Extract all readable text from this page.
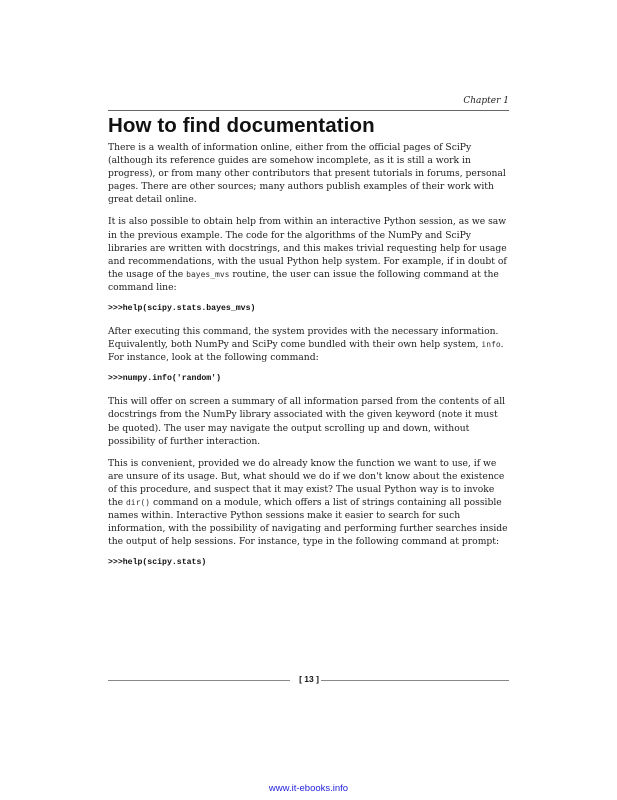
Chapter 1
How to find documentation

There is a wealth of information online, either from the official pages of SciPy (although its reference guides are somehow incomplete, as it is still a work in progress), or from many other contributors that present tutorials in forums, personal pages. There are other sources; many authors publish examples of their work with great detail online.

It is also possible to obtain help from within an interactive Python session, as we saw in the previous example. The code for the algorithms of the NumPy and SciPy libraries are written with docstrings, and this makes trivial requesting help for usage and recommendations, with the usual Python help system. For example, if in doubt of the usage of the bayes_mvs routine, the user can issue the following command at the command line:

>>>help(scipy.stats.bayes_mvs)

After executing this command, the system provides with the necessary information. Equivalently, both NumPy and SciPy come bundled with their own help system, info. For instance, look at the following command:

>>>numpy.info('random')

This will offer on screen a summary of all information parsed from the contents of all docstrings from the NumPy library associated with the given keyword (note it must be quoted). The user may navigate the output scrolling up and down, without possibility of further interaction.

This is convenient, provided we do already know the function we want to use, if we are unsure of its usage. But, what should we do if we don't know about the existence of this procedure, and suspect that it may exist? The usual Python way is to invoke the dir() command on a module, which offers a list of strings containing all possible names within. Interactive Python sessions make it easier to search for such information, with the possibility of navigating and performing further searches inside the output of help sessions. For instance, type in the following command at prompt:

>>>help(scipy.stats)
[ 13 ]
www.it-ebooks.info
